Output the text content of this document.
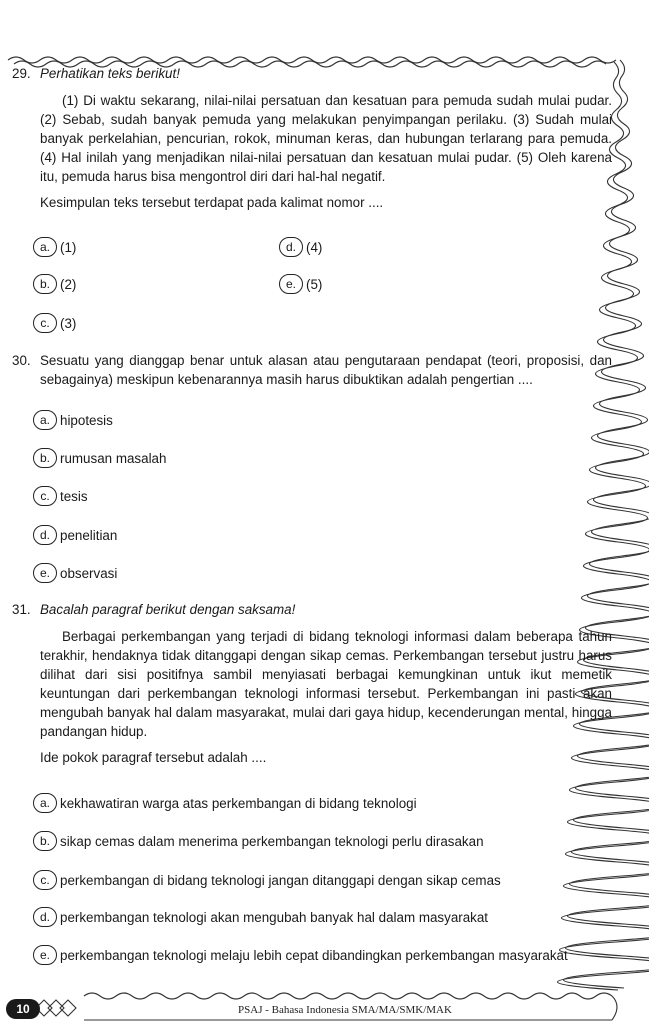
29. Perhatikan teks berikut!
(1) Di waktu sekarang, nilai-nilai persatuan dan kesatuan para pemuda sudah mulai pudar. (2) Sebab, sudah banyak pemuda yang melakukan penyimpangan perilaku. (3) Sudah mulai banyak perkelahian, pencurian, rokok, minuman keras, dan hubungan terlarang para pemuda. (4) Hal inilah yang menjadikan nilai-nilai persatuan dan kesatuan mulai pudar. (5) Oleh karena itu, pemuda harus bisa mengontrol diri dari hal-hal negatif.
Kesimpulan teks tersebut terdapat pada kalimat nomor ....
a. (1)
b. (2)
c. (3)
d. (4)
e. (5)
30. Sesuatu yang dianggap benar untuk alasan atau pengutaraan pendapat (teori, proposisi, dan sebagainya) meskipun kebenarannya masih harus dibuktikan adalah pengertian ....
a. hipotesis
b. rumusan masalah
c. tesis
d. penelitian
e. observasi
31. Bacalah paragraf berikut dengan saksama!
Berbagai perkembangan yang terjadi di bidang teknologi informasi dalam beberapa tahun terakhir, hendaknya tidak ditanggapi dengan sikap cemas. Perkembangan tersebut justru harus dilihat dari sisi positifnya sambil menyiasati berbagai kemungkinan untuk ikut memetik keuntungan dari perkembangan teknologi informasi tersebut. Perkembangan ini pasti akan mengubah banyak hal dalam masyarakat, mulai dari gaya hidup, kecenderungan mental, hingga pandangan hidup.
Ide pokok paragraf tersebut adalah ....
a. kekhawatiran warga atas perkembangan di bidang teknologi
b. sikap cemas dalam menerima perkembangan teknologi perlu dirasakan
c. perkembangan di bidang teknologi jangan ditanggapi dengan sikap cemas
d. perkembangan teknologi akan mengubah banyak hal dalam masyarakat
e. perkembangan teknologi melaju lebih cepat dibandingkan perkembangan masyarakat
10	PSAJ - Bahasa Indonesia SMA/MA/SMK/MAK
